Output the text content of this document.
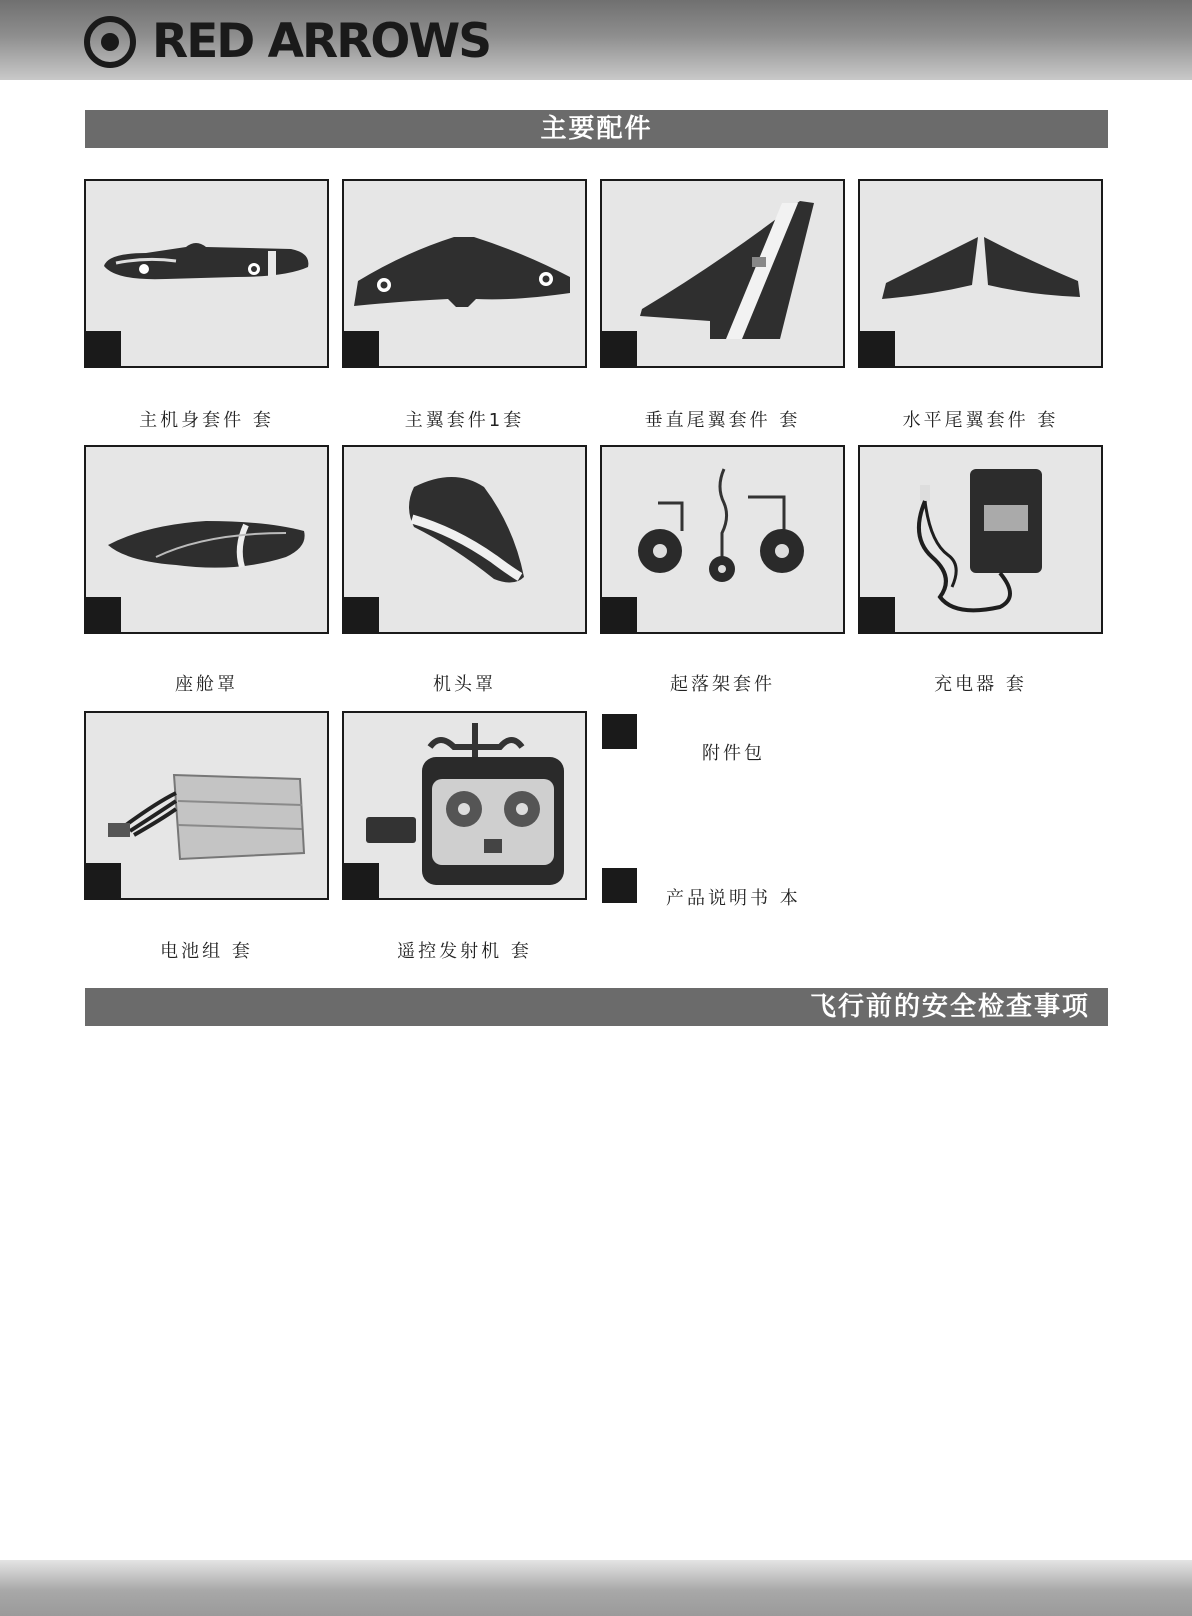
RED ARROWS
主要配件
主机身套件 套	主翼套件1套	垂直尾翼套件 套	水平尾翼套件 套
座舱罩	机头罩	起落架套件	充电器 套
电池组 套	遥控发射机 套
附件包
产品说明书 本
飞行前的安全检查事项
